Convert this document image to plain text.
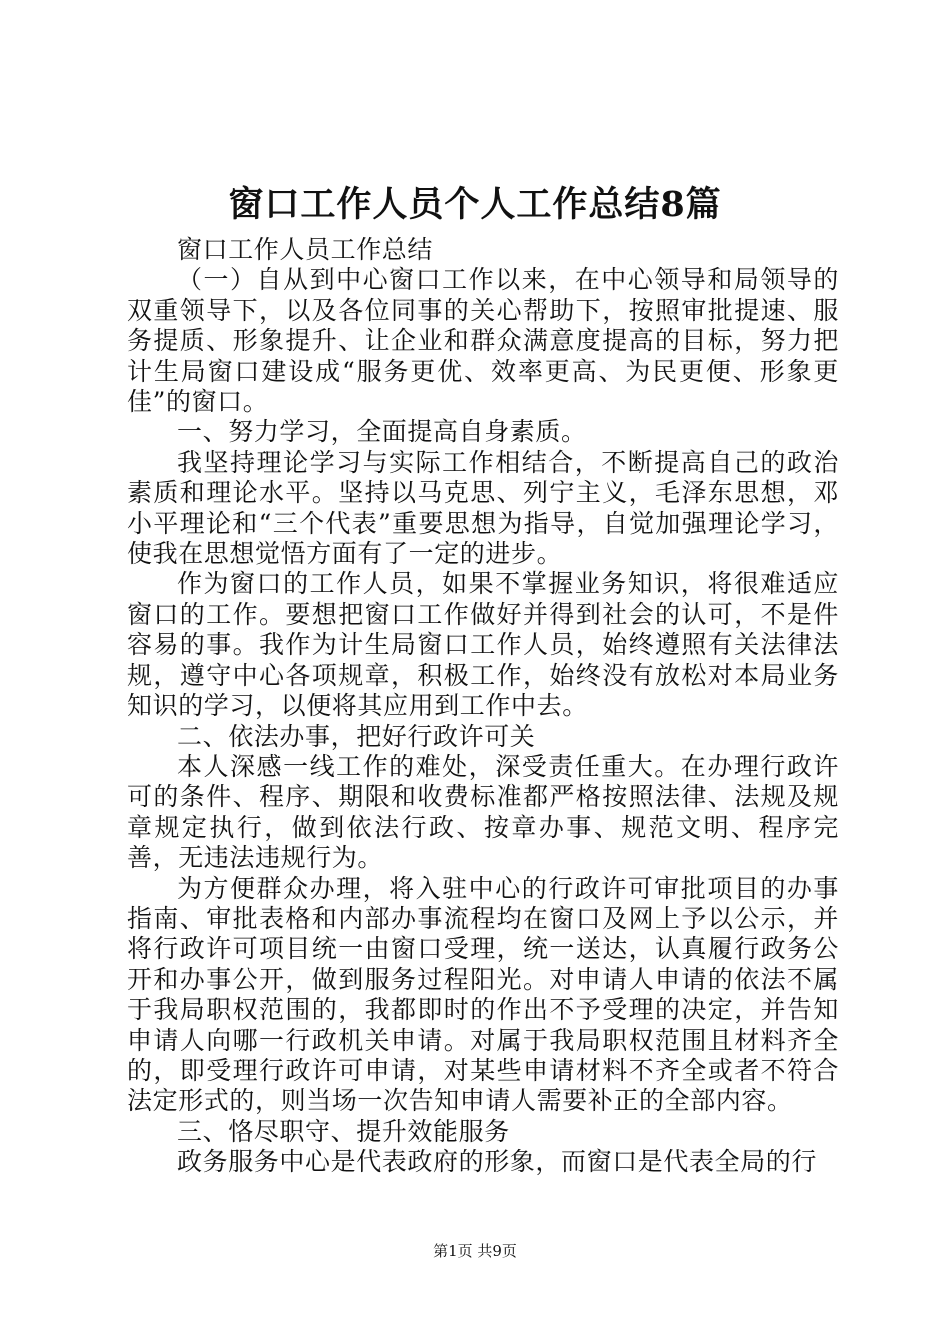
窗口工作人员个人工作总结8篇

窗口工作人员工作总结

（一）自从到中心窗口工作以来，在中心领导和局领导的双重领导下，以及各位同事的关心帮助下，按照审批提速、服务提质、形象提升、让企业和群众满意度提高的目标，努力把计生局窗口建设成“服务更优、效率更高、为民更便、形象更佳”的窗口。

一、努力学习，全面提高自身素质。

我坚持理论学习与实际工作相结合，不断提高自己的政治素质和理论水平。坚持以马克思、列宁主义，毛泽东思想，邓小平理论和“三个代表”重要思想为指导，自觉加强理论学习，使我在思想觉悟方面有了一定的进步。

作为窗口的工作人员，如果不掌握业务知识，将很难适应窗口的工作。要想把窗口工作做好并得到社会的认可，不是件容易的事。我作为计生局窗口工作人员，始终遵照有关法律法规，遵守中心各项规章，积极工作，始终没有放松对本局业务知识的学习，以便将其应用到工作中去。

二、依法办事，把好行政许可关

本人深感一线工作的难处，深受责任重大。在办理行政许可的条件、程序、期限和收费标准都严格按照法律、法规及规章规定执行，做到依法行政、按章办事、规范文明、程序完善，无违法违规行为。

为方便群众办理，将入驻中心的行政许可审批项目的办事指南、审批表格和内部办事流程均在窗口及网上予以公示，并将行政许可项目统一由窗口受理，统一送达，认真履行政务公开和办事公开，做到服务过程阳光。对申请人申请的依法不属于我局职权范围的，我都即时的作出不予受理的决定，并告知申请人向哪一行政机关申请。对属于我局职权范围且材料齐全的，即受理行政许可申请，对某些申请材料不齐全或者不符合法定形式的，则当场一次告知申请人需要补正的全部内容。

三、恪尽职守、提升效能服务

政务服务中心是代表政府的形象，而窗口是代表全局的行

第1页 共9页
